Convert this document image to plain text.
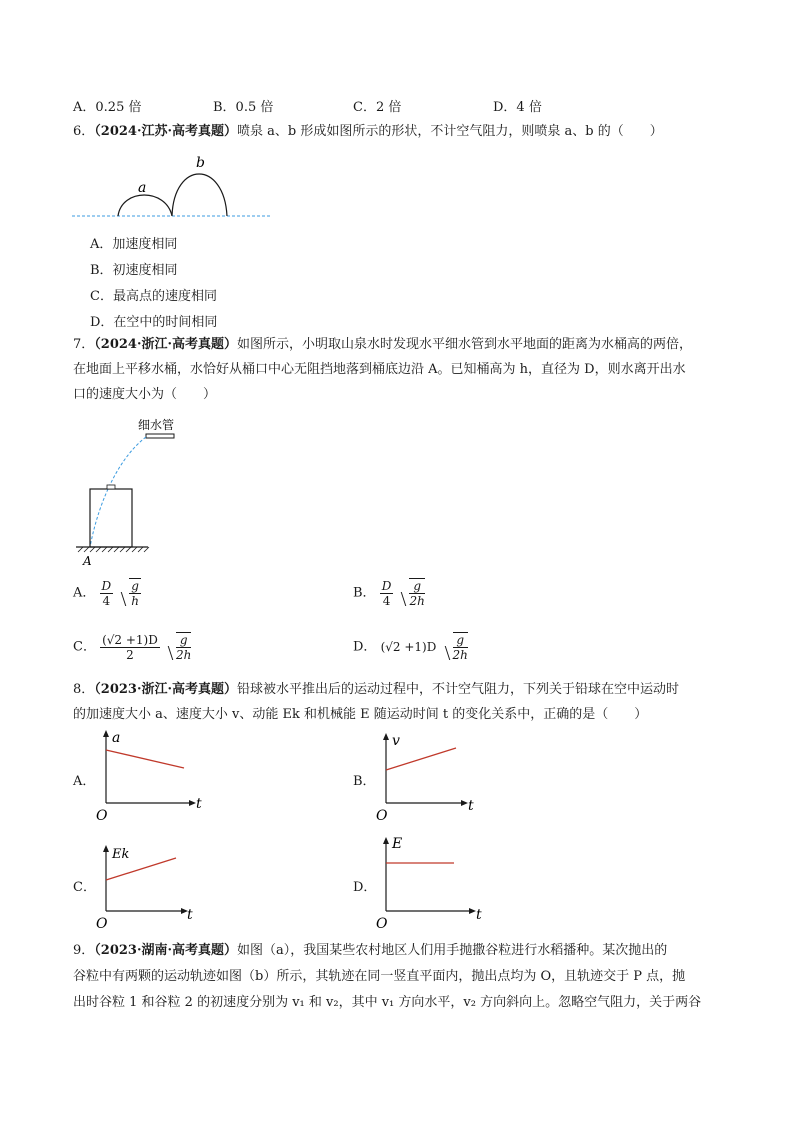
A．0.25 倍	B．0.5 倍	C．2 倍	D．4 倍
6．（2024·江苏·高考真题）喷泉 a、b 形成如图所示的形状，不计空气阻力，则喷泉 a、b 的（　　）
a
b
A．加速度相同
B．初速度相同
C．最高点的速度相同
D．在空中的时间相同
7．（2024·浙江·高考真题）如图所示，小明取山泉水时发现水平细水管到水平地面的距离为水桶高的两倍，
在地面上平移水桶，水恰好从桶口中心无阻挡地落到桶底边沿 A。已知桶高为 h，直径为 D，则水离开出水
口的速度大小为（　　）
细水管
A
A． $\frac{D}{4}$
$\frac{g}{h}$	B． $\frac{D}{4}$
$\frac{g}{2h}$
C． $\frac{(√2 +1)D}{2}$
$\frac{g}{2h}$	D． $(√2 +1)D \frac{g}{2h}$
8．（2023·浙江·高考真题）铅球被水平推出后的运动过程中，不计空气阻力，下列关于铅球在空中运动时
的加速度大小 a、速度大小 v、动能 Ek 和机械能 E 随运动时间 t 的变化关系中，正确的是（　　）
A．
a
t
O
B．
v
t
O
C．
Ek
t
O
D．
E
t
O
9．（2023·湖南·高考真题）如图（a），我国某些农村地区人们用手抛撒谷粒进行水稻播种。某次抛出的
谷粒中有两颗的运动轨迹如图（b）所示，其轨迹在同一竖直平面内，抛出点均为 O，且轨迹交于 P 点，抛
出时谷粒 1 和谷粒 2 的初速度分别为 v₁ 和 v₂，其中 v₁ 方向水平，v₂ 方向斜向上。忽略空气阻力，关于两谷
